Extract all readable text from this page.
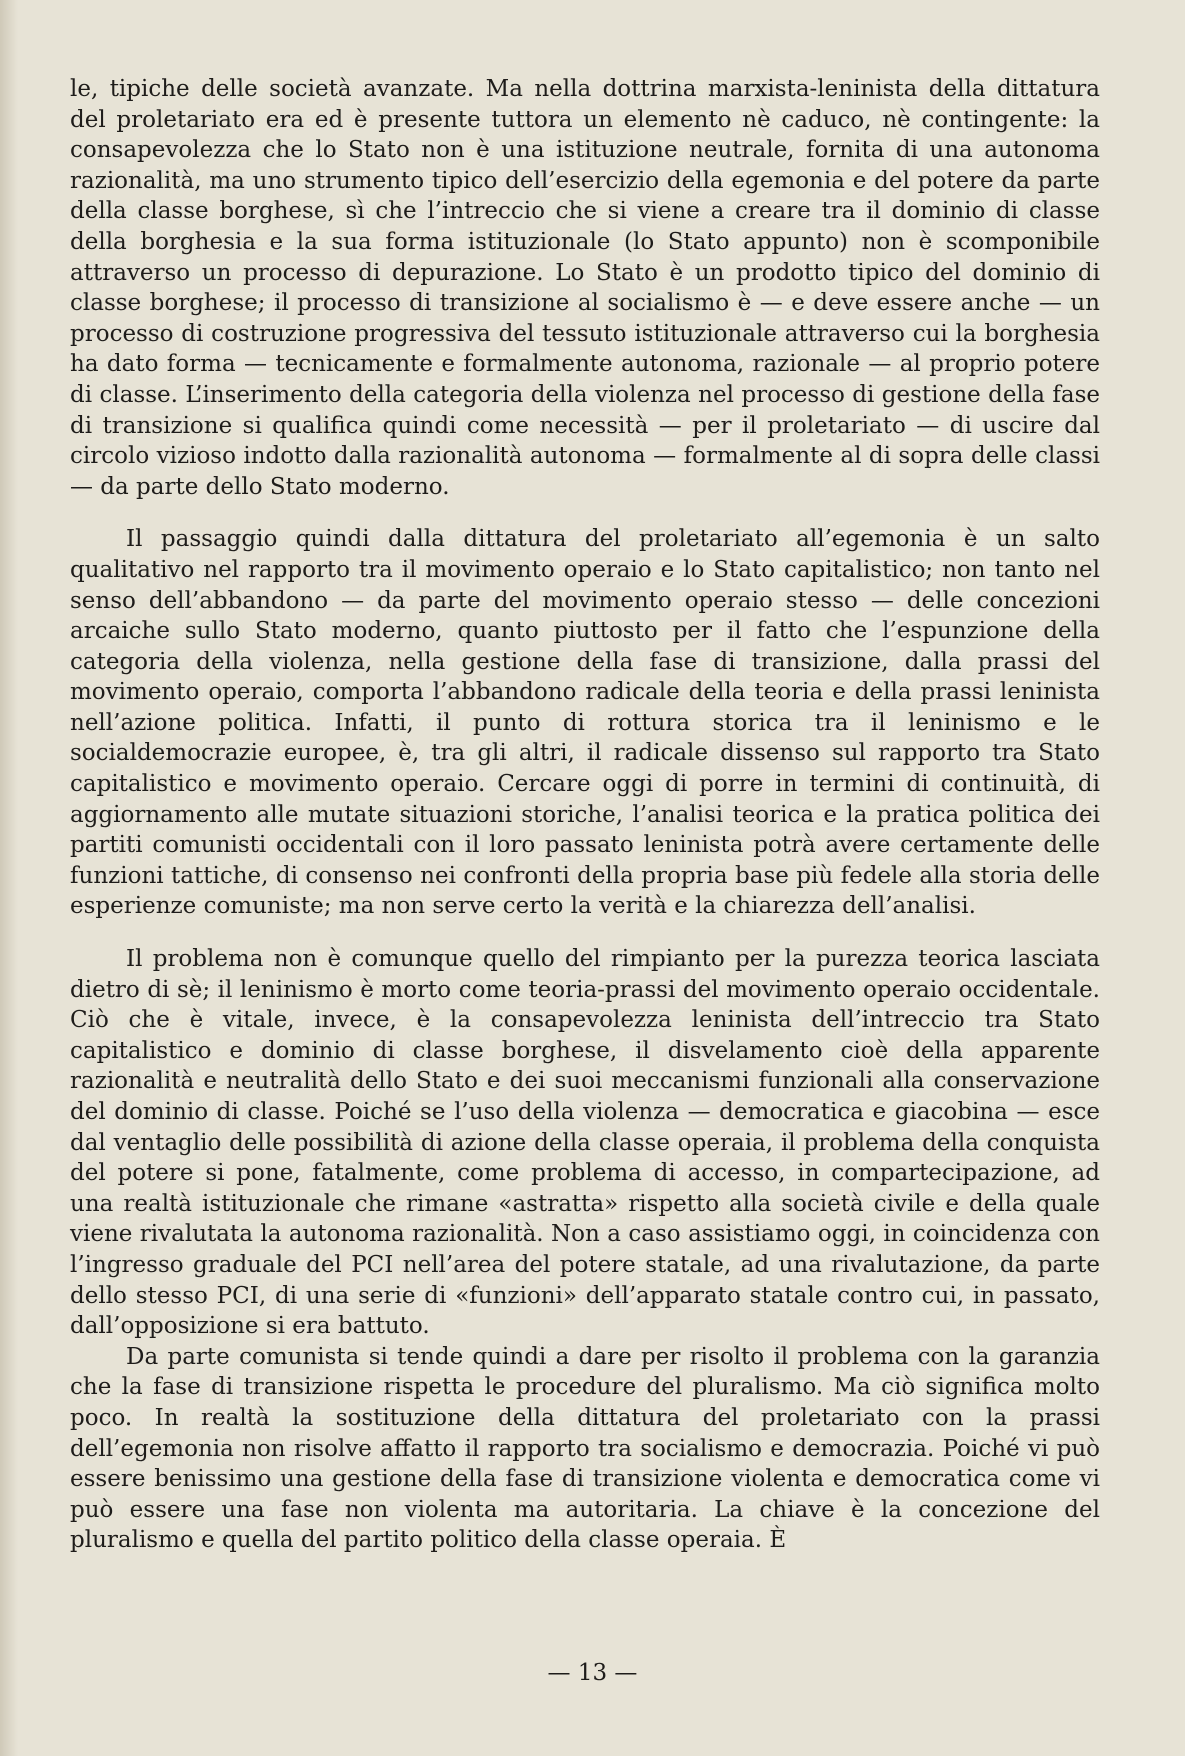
le, tipiche delle società avanzate. Ma nella dottrina marxista-leninista della dittatura del proletariato era ed è presente tuttora un elemento nè caduco, nè contingente: la consapevolezza che lo Stato non è una istituzione neutrale, fornita di una autonoma razionalità, ma uno strumento tipico dell’esercizio della egemonia e del potere da parte della classe borghese, sì che l’intreccio che si viene a creare tra il dominio di classe della borghesia e la sua forma istituzionale (lo Stato appunto) non è scomponibile attraverso un processo di depurazione. Lo Stato è un prodotto tipico del dominio di classe borghese; il processo di transizione al socialismo è — e deve essere anche — un processo di costruzione progressiva del tessuto istituzionale attraverso cui la borghesia ha dato forma — tecnicamente e formalmente autonoma, razionale — al proprio potere di classe. L’inserimento della categoria della violenza nel processo di gestione della fase di transizione si qualifica quindi come necessità — per il proletariato — di uscire dal circolo vizioso indotto dalla razionalità autonoma — formalmente al di sopra delle classi — da parte dello Stato moderno.

Il passaggio quindi dalla dittatura del proletariato all’egemonia è un salto qualitativo nel rapporto tra il movimento operaio e lo Stato capitalistico; non tanto nel senso dell’abbandono — da parte del movimento operaio stesso — delle concezioni arcaiche sullo Stato moderno, quanto piuttosto per il fatto che l’espunzione della categoria della violenza, nella gestione della fase di transizione, dalla prassi del movimento operaio, comporta l’abbandono radicale della teoria e della prassi leninista nell’azione politica. Infatti, il punto di rottura storica tra il leninismo e le socialdemocrazie europee, è, tra gli altri, il radicale dissenso sul rapporto tra Stato capitalistico e movimento operaio. Cercare oggi di porre in termini di continuità, di aggiornamento alle mutate situazioni storiche, l’analisi teorica e la pratica politica dei partiti comunisti occidentali con il loro passato leninista potrà avere certamente delle funzioni tattiche, di consenso nei confronti della propria base più fedele alla storia delle esperienze comuniste; ma non serve certo la verità e la chiarezza dell’analisi.

Il problema non è comunque quello del rimpianto per la purezza teorica lasciata dietro di sè; il leninismo è morto come teoria-prassi del movimento operaio occidentale. Ciò che è vitale, invece, è la consapevolezza leninista dell’intreccio tra Stato capitalistico e dominio di classe borghese, il disvelamento cioè della apparente razionalità e neutralità dello Stato e dei suoi meccanismi funzionali alla conservazione del dominio di classe. Poiché se l’uso della violenza — democratica e giacobina — esce dal ventaglio delle possibilità di azione della classe operaia, il problema della conquista del potere si pone, fatalmente, come problema di accesso, in compartecipazione, ad una realtà istituzionale che rimane «astratta» rispetto alla società civile e della quale viene rivalutata la autonoma razionalità. Non a caso assistiamo oggi, in coincidenza con l’ingresso graduale del PCI nell’area del potere statale, ad una rivalutazione, da parte dello stesso PCI, di una serie di «funzioni» dell’apparato statale contro cui, in passato, dall’opposizione si era battuto.

Da parte comunista si tende quindi a dare per risolto il problema con la garanzia che la fase di transizione rispetta le procedure del pluralismo. Ma ciò significa molto poco. In realtà la sostituzione della dittatura del proletariato con la prassi dell’egemonia non risolve affatto il rapporto tra socialismo e democrazia. Poiché vi può essere benissimo una gestione della fase di transizione violenta e democratica come vi può essere una fase non violenta ma autoritaria. La chiave è la concezione del pluralismo e quella del partito politico della classe operaia. È

— 13 —
